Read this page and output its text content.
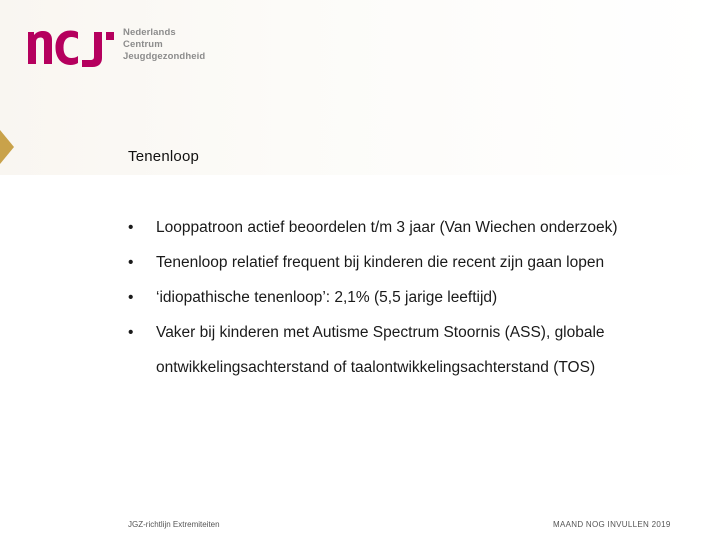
Nederlands
Centrum
Jeugdgezondheid
Tenenloop
• Looppatroon actief beoordelen t/m 3 jaar (Van Wiechen onderzoek)
• Tenenloop relatief frequent bij kinderen die recent zijn gaan lopen
• ‘idiopathische tenenloop’: 2,1% (5,5 jarige leeftijd)
• Vaker bij kinderen met Autisme Spectrum Stoornis (ASS), globale
ontwikkelingsachterstand of taalontwikkelingsachterstand (TOS)
JGZ-richtlijn Extremiteiten	MAAND NOG INVULLEN 2019
